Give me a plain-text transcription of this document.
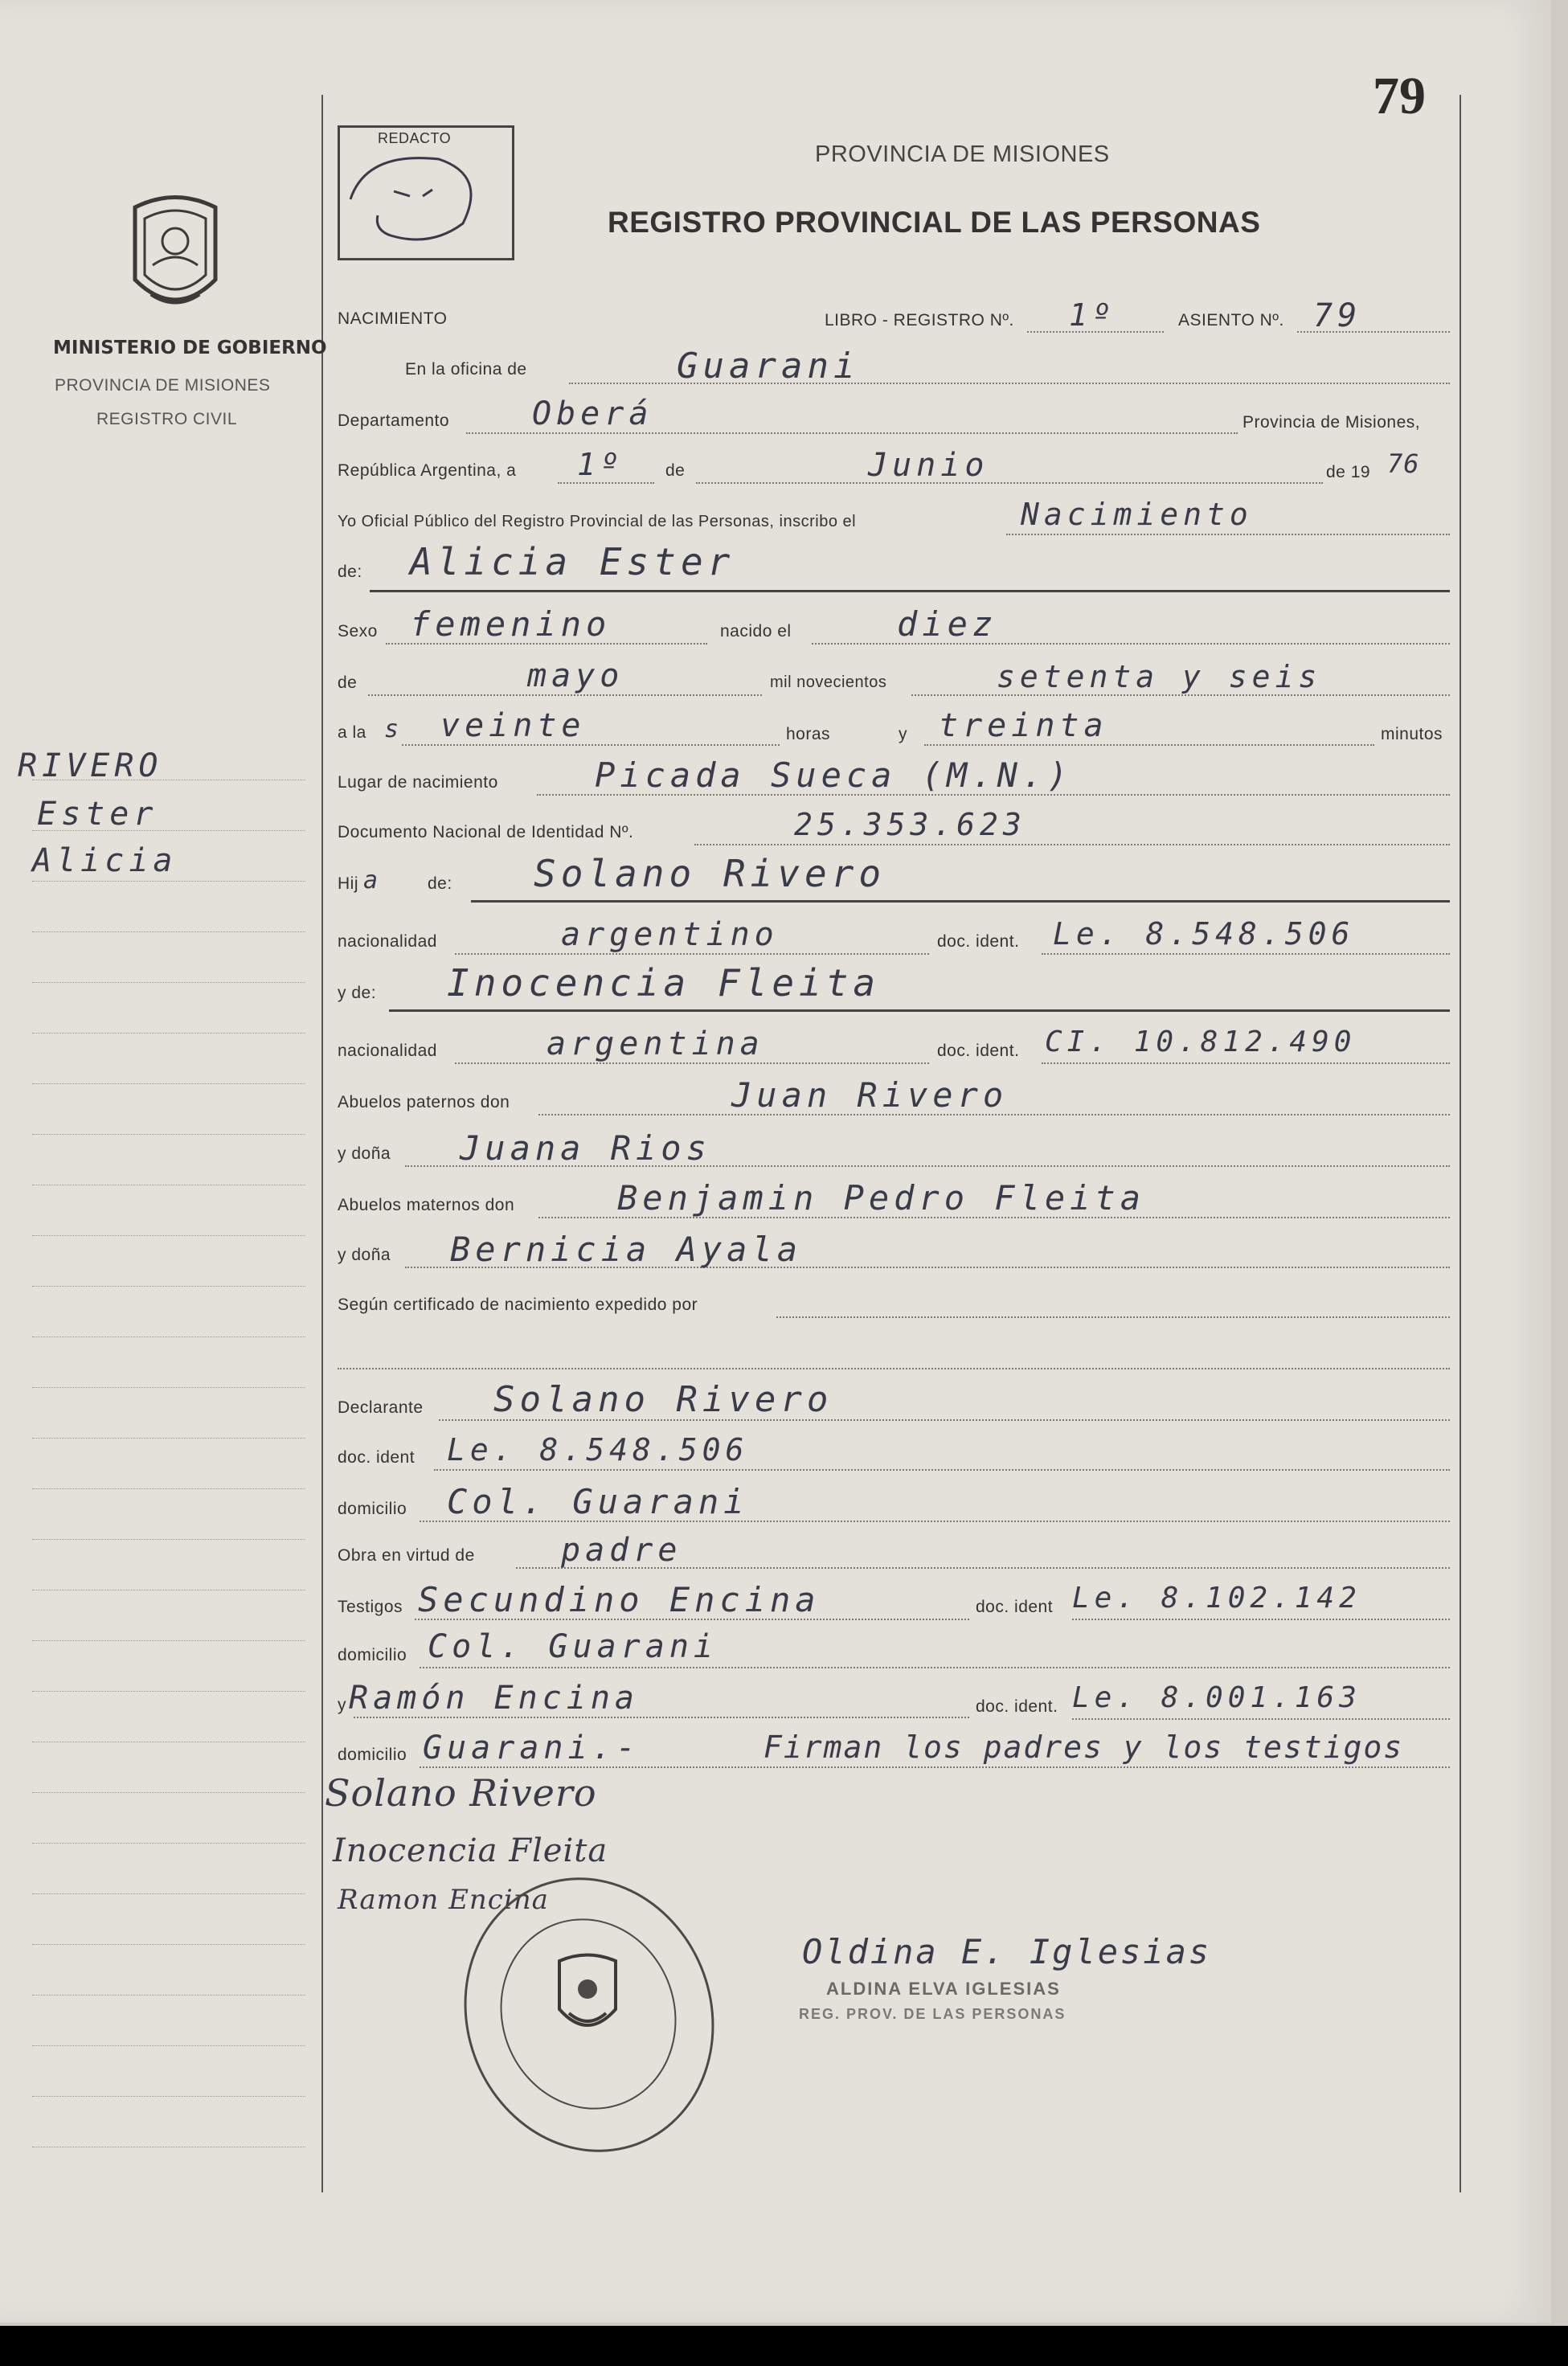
79
MINISTERIO DE GOBIERNO
PROVINCIA DE MISIONES
REGISTRO CIVIL
RIVERO
Ester
Alicia
REDACTO
PROVINCIA DE MISIONES
REGISTRO PROVINCIAL DE LAS PERSONAS
NACIMIENTO	LIBRO - REGISTRO Nº. 1º	ASIENTO Nº. 79
En la oficina de	Guarani
Departamento	Oberá	Provincia de Misiones,
República Argentina, a 1º de	Junio	de 19 76
Yo Oficial Público del Registro Provincial de las Personas, inscribo el	Nacimiento
de: Alicia Ester
Sexo femenino	nacido el	diez
de	mayo	mil novecientos	setenta y seis
a la s veinte	horas	y treinta	minutos
Lugar de nacimiento	Picada Sueca (M.N.)
Documento Nacional de Identidad Nº.	25.353.623
Hij a	de: Solano Rivero
nacionalidad	argentino	doc. ident. Le. 8.548.506
y de: Inocencia Fleita
nacionalidad	argentina	doc. ident. CI. 10.812.490
Abuelos paternos don	Juan Rivero
y doña Juana Rios
Abuelos maternos don	Benjamin Pedro Fleita
y doña Bernicia Ayala
Según certificado de nacimiento expedido por
Declarante Solano Rivero
doc. ident Le. 8.548.506
domicilio Col. Guarani
Obra en virtud de	padre
Testigos Secundino Encina	doc. ident Le. 8.102.142
domicilio Col. Guarani
y Ramón Encina	doc. ident. Le. 8.001.163
domicilio Guarani.-	Firman los padres y los testigos
Solano Rivero
Inocencia Fleita
Ramon Encina
Oldina E. Iglesias
ALDINA ELVA IGLESIAS
REG. PROV. DE LAS PERSONAS
